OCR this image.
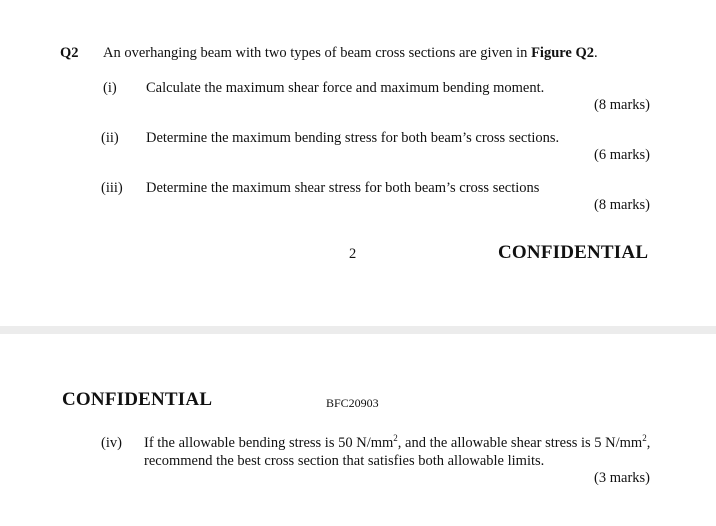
Q2 An overhanging beam with two types of beam cross sections are given in Figure Q2.
(i) Calculate the maximum shear force and maximum bending moment.
(8 marks)
(ii) Determine the maximum bending stress for both beam’s cross sections.
(6 marks)
(iii) Determine the maximum shear stress for both beam’s cross sections
(8 marks)
2	CONFIDENTIAL
CONFIDENTIAL	BFC20903
(iv) If the allowable bending stress is 50 $N/mm^2$, and the allowable shear stress is 5 $N/mm^2$,
recommend the best cross section that satisfies both allowable limits.
(3 marks)
